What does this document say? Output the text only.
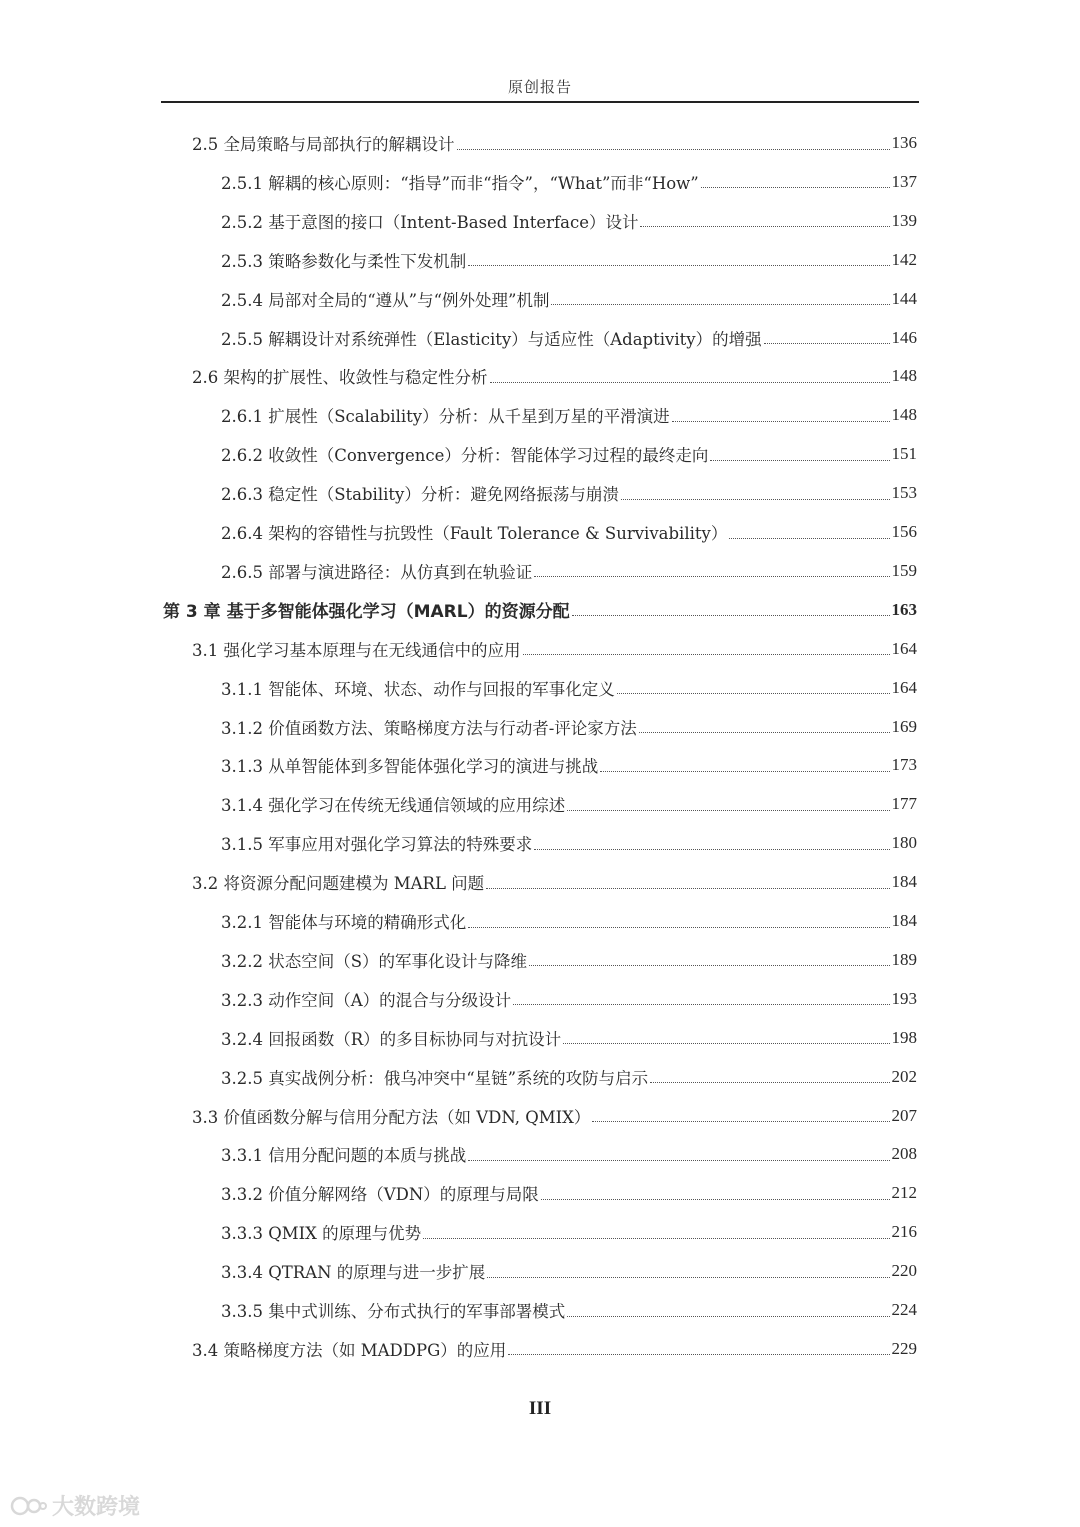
原创报告
2.5 全局策略与局部执行的解耦设计	136
2.5.1 解耦的核心原则：“指导”而非“指令”，“What”而非“How”	137
2.5.2 基于意图的接口（Intent-Based Interface）设计	139
2.5.3 策略参数化与柔性下发机制	142
2.5.4 局部对全局的“遵从”与“例外处理”机制	144
2.5.5 解耦设计对系统弹性（Elasticity）与适应性（Adaptivity）的增强	146
2.6 架构的扩展性、收敛性与稳定性分析	148
2.6.1 扩展性（Scalability）分析：从千星到万星的平滑演进	148
2.6.2 收敛性（Convergence）分析：智能体学习过程的最终走向	151
2.6.3 稳定性（Stability）分析：避免网络振荡与崩溃	153
2.6.4 架构的容错性与抗毁性（Fault Tolerance & Survivability）	156
2.6.5 部署与演进路径：从仿真到在轨验证	159
第 3 章 基于多智能体强化学习（MARL）的资源分配	163
3.1 强化学习基本原理与在无线通信中的应用	164
3.1.1 智能体、环境、状态、动作与回报的军事化定义	164
3.1.2 价值函数方法、策略梯度方法与行动者-评论家方法	169
3.1.3 从单智能体到多智能体强化学习的演进与挑战	173
3.1.4 强化学习在传统无线通信领域的应用综述	177
3.1.5 军事应用对强化学习算法的特殊要求	180
3.2 将资源分配问题建模为 MARL 问题	184
3.2.1 智能体与环境的精确形式化	184
3.2.2 状态空间（S）的军事化设计与降维	189
3.2.3 动作空间（A）的混合与分级设计	193
3.2.4 回报函数（R）的多目标协同与对抗设计	198
3.2.5 真实战例分析：俄乌冲突中“星链”系统的攻防与启示	202
3.3 价值函数分解与信用分配方法（如 VDN, QMIX）	207
3.3.1 信用分配问题的本质与挑战	208
3.3.2 价值分解网络（VDN）的原理与局限	212
3.3.3 QMIX 的原理与优势	216
3.3.4 QTRAN 的原理与进一步扩展	220
3.3.5 集中式训练、分布式执行的军事部署模式	224
3.4 策略梯度方法（如 MADDPG）的应用	229
III
大数跨境
